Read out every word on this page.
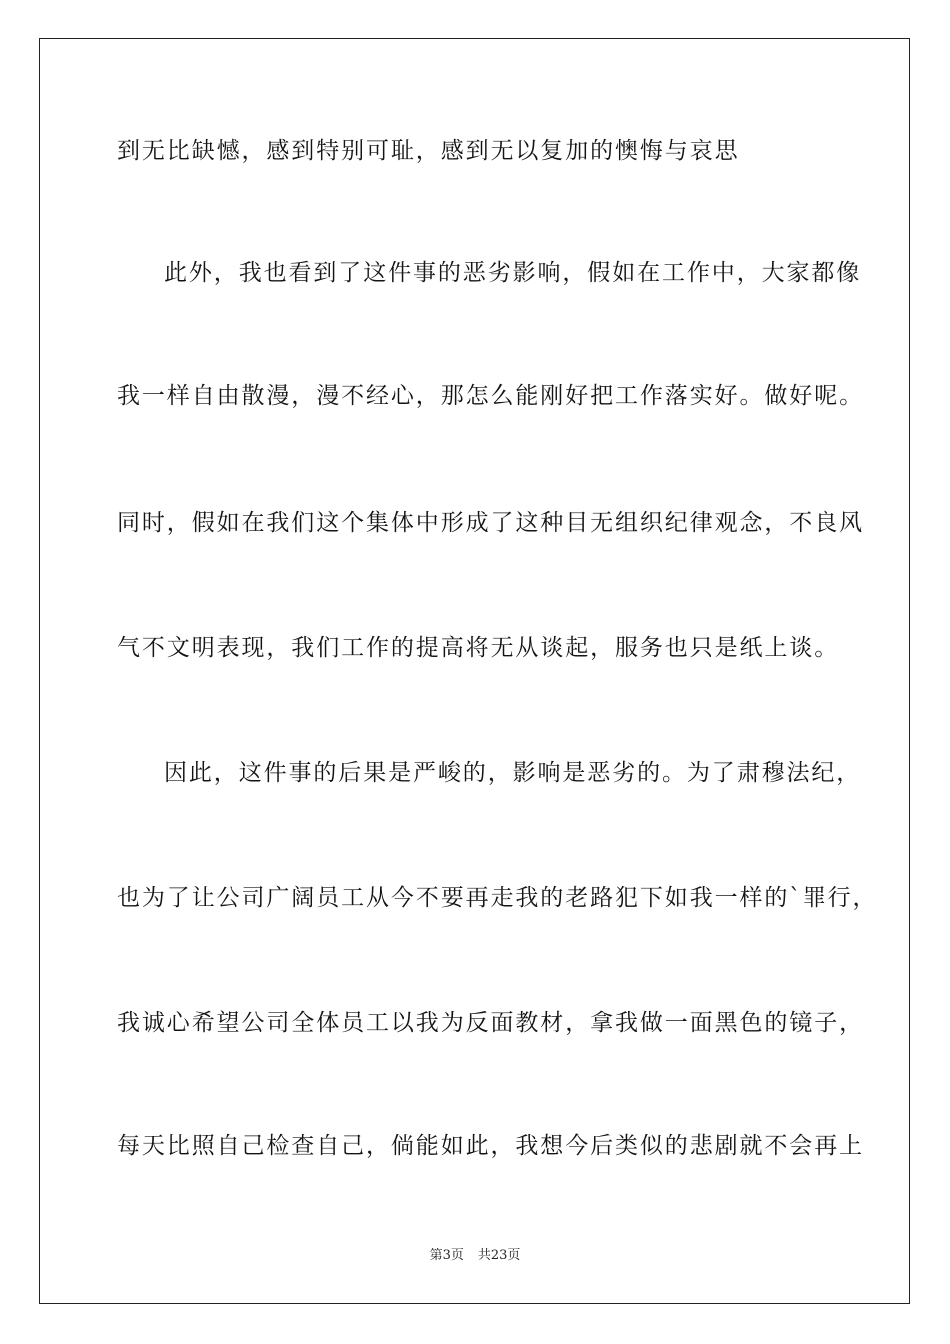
到无比缺憾，感到特别可耻，感到无以复加的懊悔与哀思
此外，我也看到了这件事的恶劣影响，假如在工作中，大家都像
我一样自由散漫，漫不经心，那怎么能刚好把工作落实好。做好呢。
同时，假如在我们这个集体中形成了这种目无组织纪律观念，不良风
气不文明表现，我们工作的提高将无从谈起，服务也只是纸上谈。
因此，这件事的后果是严峻的，影响是恶劣的。为了肃穆法纪，
也为了让公司广阔员工从今不要再走我的老路犯下如我一样的`罪行，
我诚心希望公司全体员工以我为反面教材，拿我做一面黑色的镜子，
每天比照自己检查自己，倘能如此，我想今后类似的悲剧就不会再上
第3页 共23页
